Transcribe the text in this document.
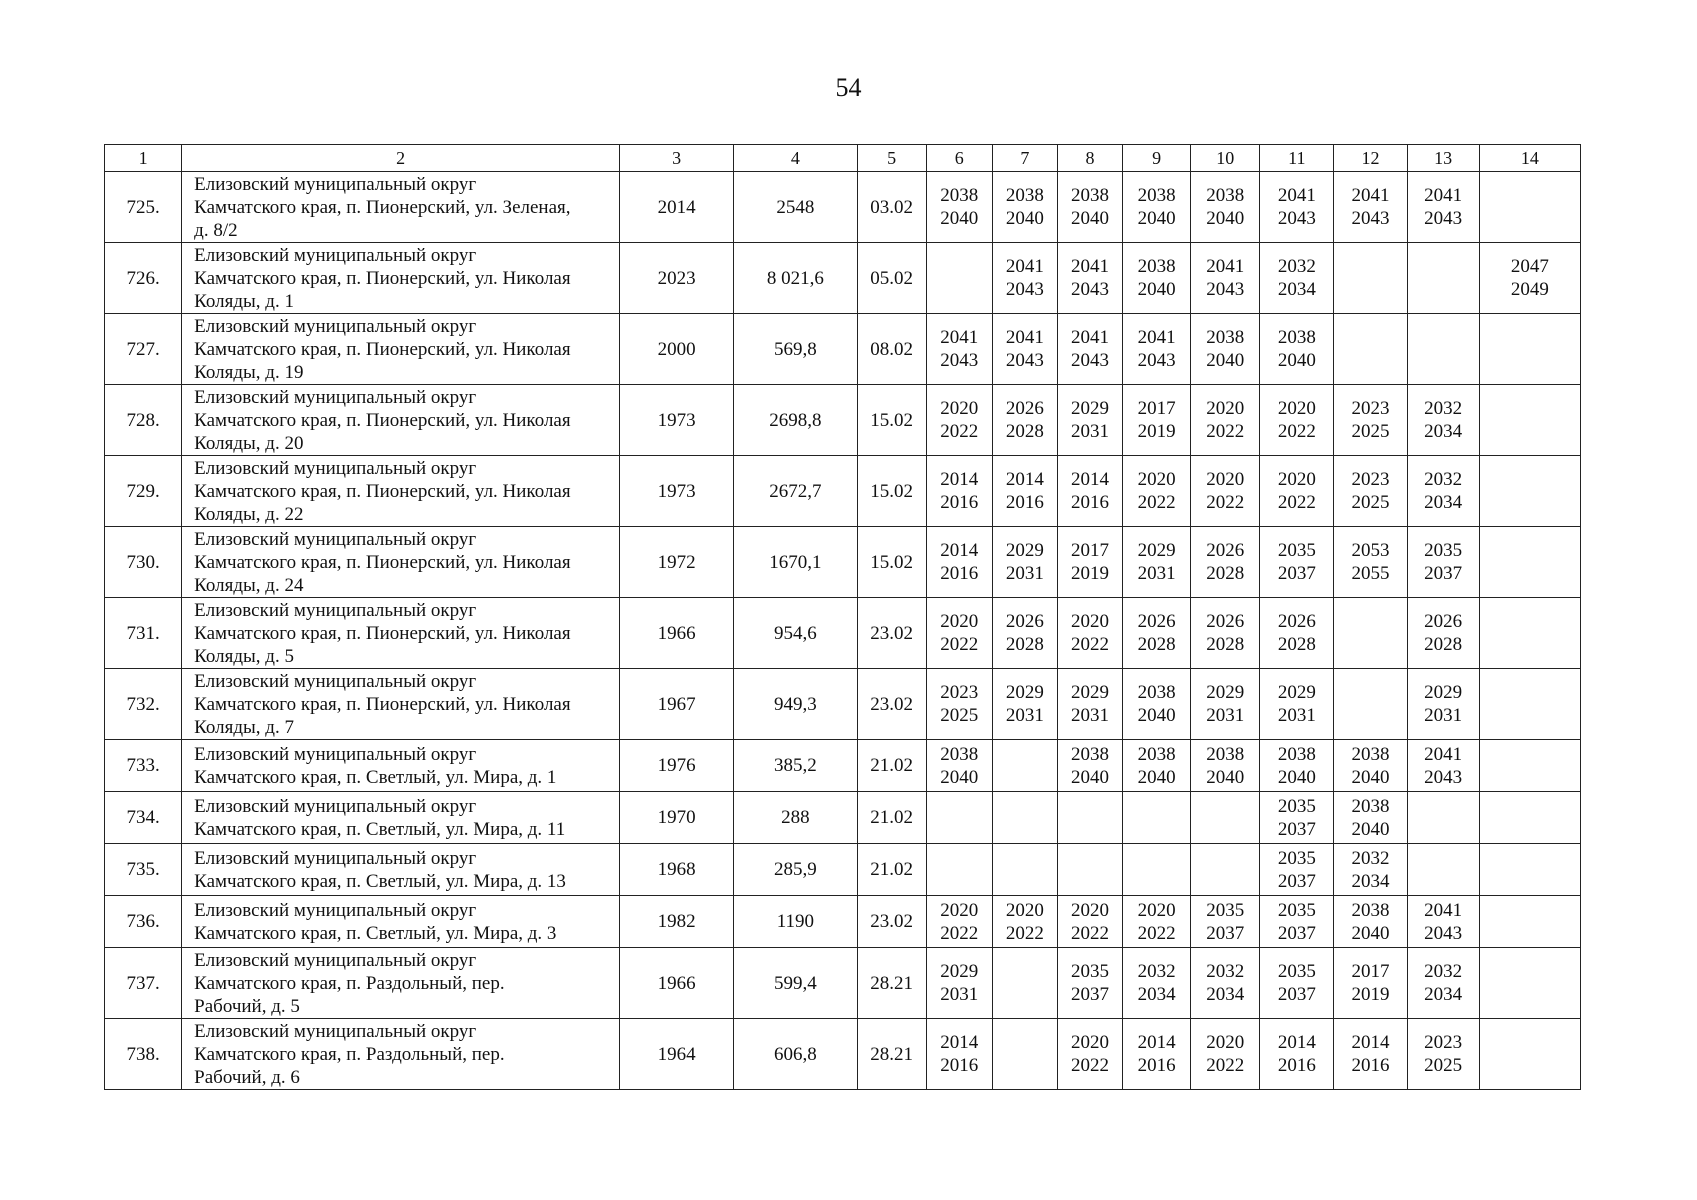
54
1	2	3	4	5	6	7	8	9	10	11	12	13	14
725.	Елизовский муниципальный округ
Камчатского края, п. Пионерский, ул. Зеленая,
д. 8/2	2014	2548	03.02	2038
2040	2038
2040	2038
2040	2038
2040	2038
2040	2041
2043	2041
2043	2041
2043	

726.	Елизовский муниципальный округ
Камчатского края, п. Пионерский, ул. Николая
Коляды, д. 1	2023	8 021,6	05.02		2041
2043	2041
2043	2038
2040	2041
2043	2032
2034			2047
2049

727.	Елизовский муниципальный округ
Камчатского края, п. Пионерский, ул. Николая
Коляды, д. 19	2000	569,8	08.02	2041
2043	2041
2043	2041
2043	2041
2043	2038
2040	2038
2040			

728.	Елизовский муниципальный округ
Камчатского края, п. Пионерский, ул. Николая
Коляды, д. 20	1973	2698,8	15.02	2020
2022	2026
2028	2029
2031	2017
2019	2020
2022	2020
2022	2023
2025	2032
2034	

729.	Елизовский муниципальный округ
Камчатского края, п. Пионерский, ул. Николая
Коляды, д. 22	1973	2672,7	15.02	2014
2016	2014
2016	2014
2016	2020
2022	2020
2022	2020
2022	2023
2025	2032
2034	

730.	Елизовский муниципальный округ
Камчатского края, п. Пионерский, ул. Николая
Коляды, д. 24	1972	1670,1	15.02	2014
2016	2029
2031	2017
2019	2029
2031	2026
2028	2035
2037	2053
2055	2035
2037	

731.	Елизовский муниципальный округ
Камчатского края, п. Пионерский, ул. Николая
Коляды, д. 5	1966	954,6	23.02	2020
2022	2026
2028	2020
2022	2026
2028	2026
2028	2026
2028		2026
2028	

732.	Елизовский муниципальный округ
Камчатского края, п. Пионерский, ул. Николая
Коляды, д. 7	1967	949,3	23.02	2023
2025	2029
2031	2029
2031	2038
2040	2029
2031	2029
2031		2029
2031	

733.	Елизовский муниципальный округ
Камчатского края, п. Светлый, ул. Мира, д. 1	1976	385,2	21.02	2038
2040		2038
2040	2038
2040	2038
2040	2038
2040	2038
2040	2041
2043	

734.	Елизовский муниципальный округ
Камчатского края, п. Светлый, ул. Мира, д. 11	1970	288	21.02						2035
2037	2038
2040		

735.	Елизовский муниципальный округ
Камчатского края, п. Светлый, ул. Мира, д. 13	1968	285,9	21.02						2035
2037	2032
2034		

736.	Елизовский муниципальный округ
Камчатского края, п. Светлый, ул. Мира, д. 3	1982	1190	23.02	2020
2022	2020
2022	2020
2022	2020
2022	2035
2037	2035
2037	2038
2040	2041
2043	

737.	Елизовский муниципальный округ
Камчатского края, п. Раздольный, пер.
Рабочий, д. 5	1966	599,4	28.21	2029
2031		2035
2037	2032
2034	2032
2034	2035
2037	2017
2019	2032
2034	

738.	Елизовский муниципальный округ
Камчатского края, п. Раздольный, пер.
Рабочий, д. 6	1964	606,8	28.21	2014
2016		2020
2022	2014
2016	2020
2022	2014
2016	2014
2016	2023
2025	
